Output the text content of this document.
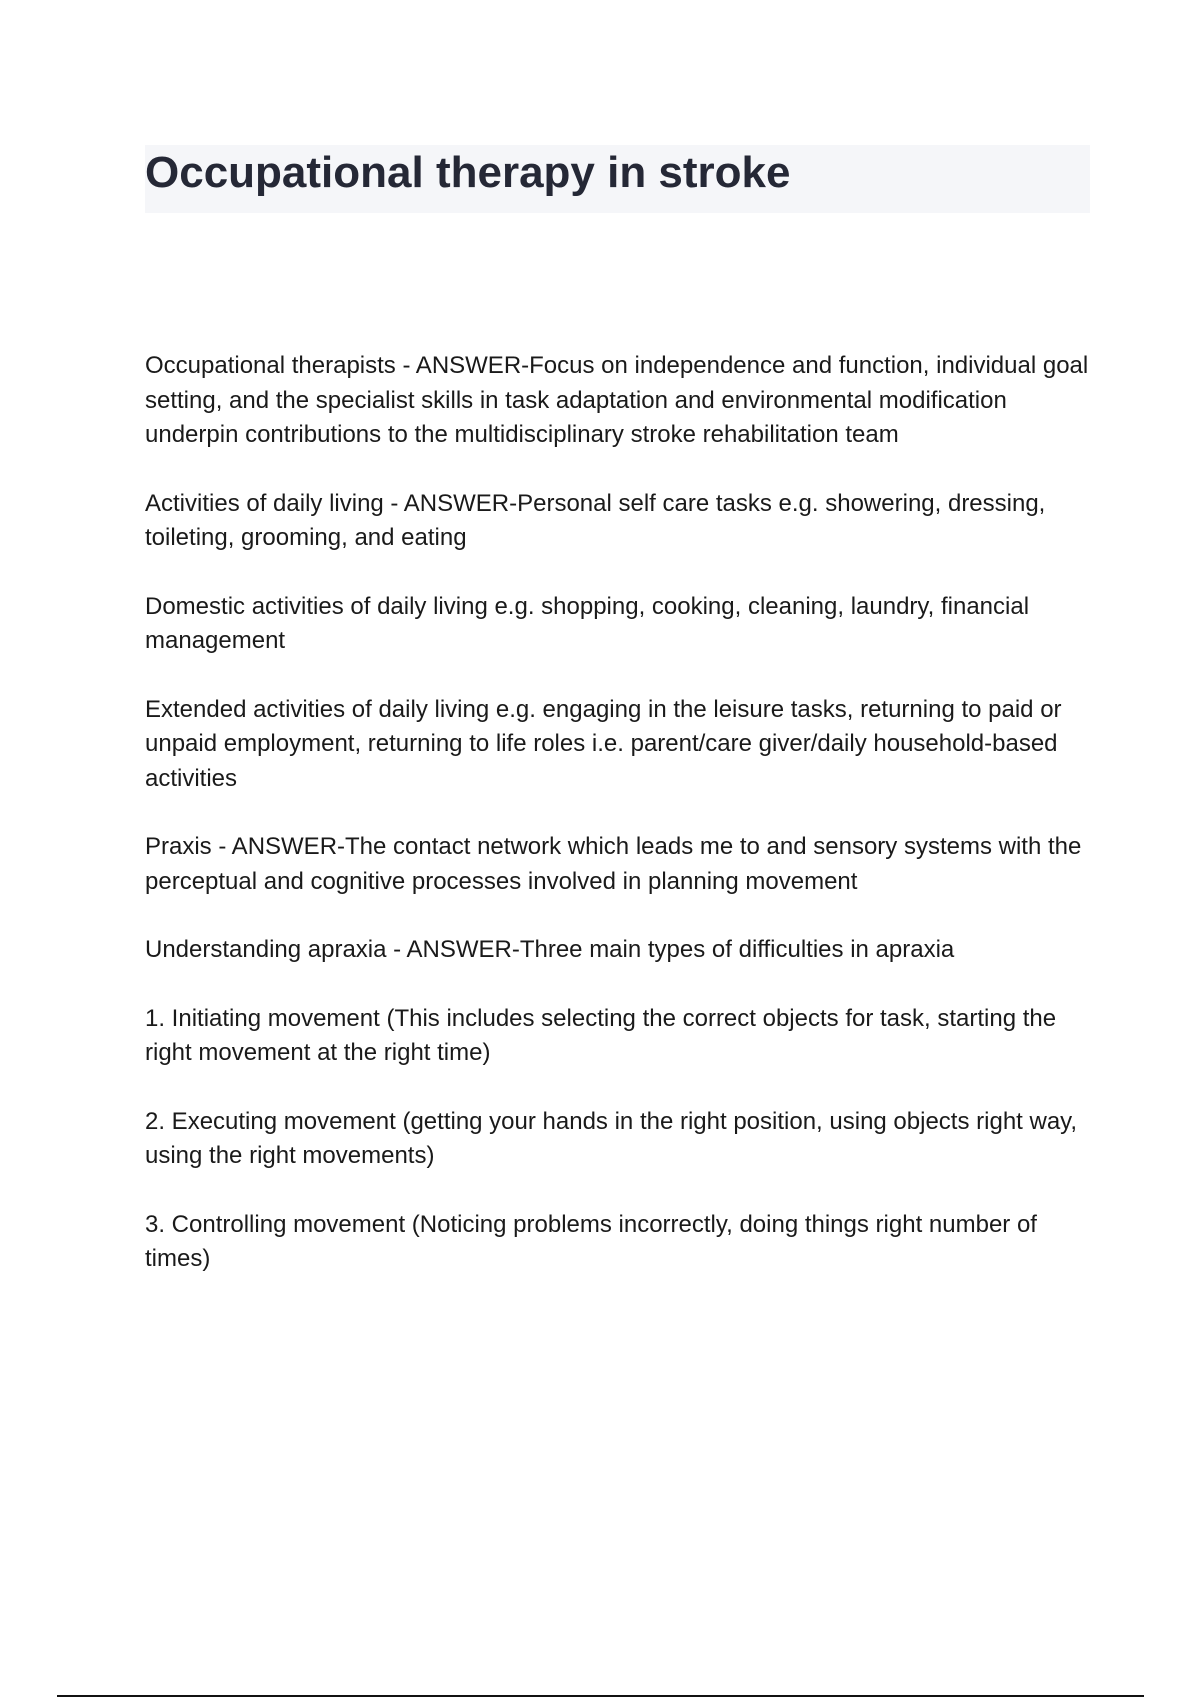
Occupational therapy in stroke

Occupational therapists - ANSWER-Focus on independence and function, individual goal setting, and the specialist skills in task adaptation and environmental modification underpin contributions to the multidisciplinary stroke rehabilitation team

Activities of daily living - ANSWER-Personal self care tasks e.g. showering, dressing, toileting, grooming, and eating

Domestic activities of daily living e.g. shopping, cooking, cleaning, laundry, financial management

Extended activities of daily living e.g. engaging in the leisure tasks, returning to paid or unpaid employment, returning to life roles i.e. parent/care giver/daily household-based activities

Praxis - ANSWER-The contact network which leads me to and sensory systems with the perceptual and cognitive processes involved in planning movement

Understanding apraxia - ANSWER-Three main types of difficulties in apraxia

1. Initiating movement (This includes selecting the correct objects for task, starting the right movement at the right time)

2. Executing movement (getting your hands in the right position, using objects right way, using the right movements)

3. Controlling movement (Noticing problems incorrectly, doing things right number of times)
